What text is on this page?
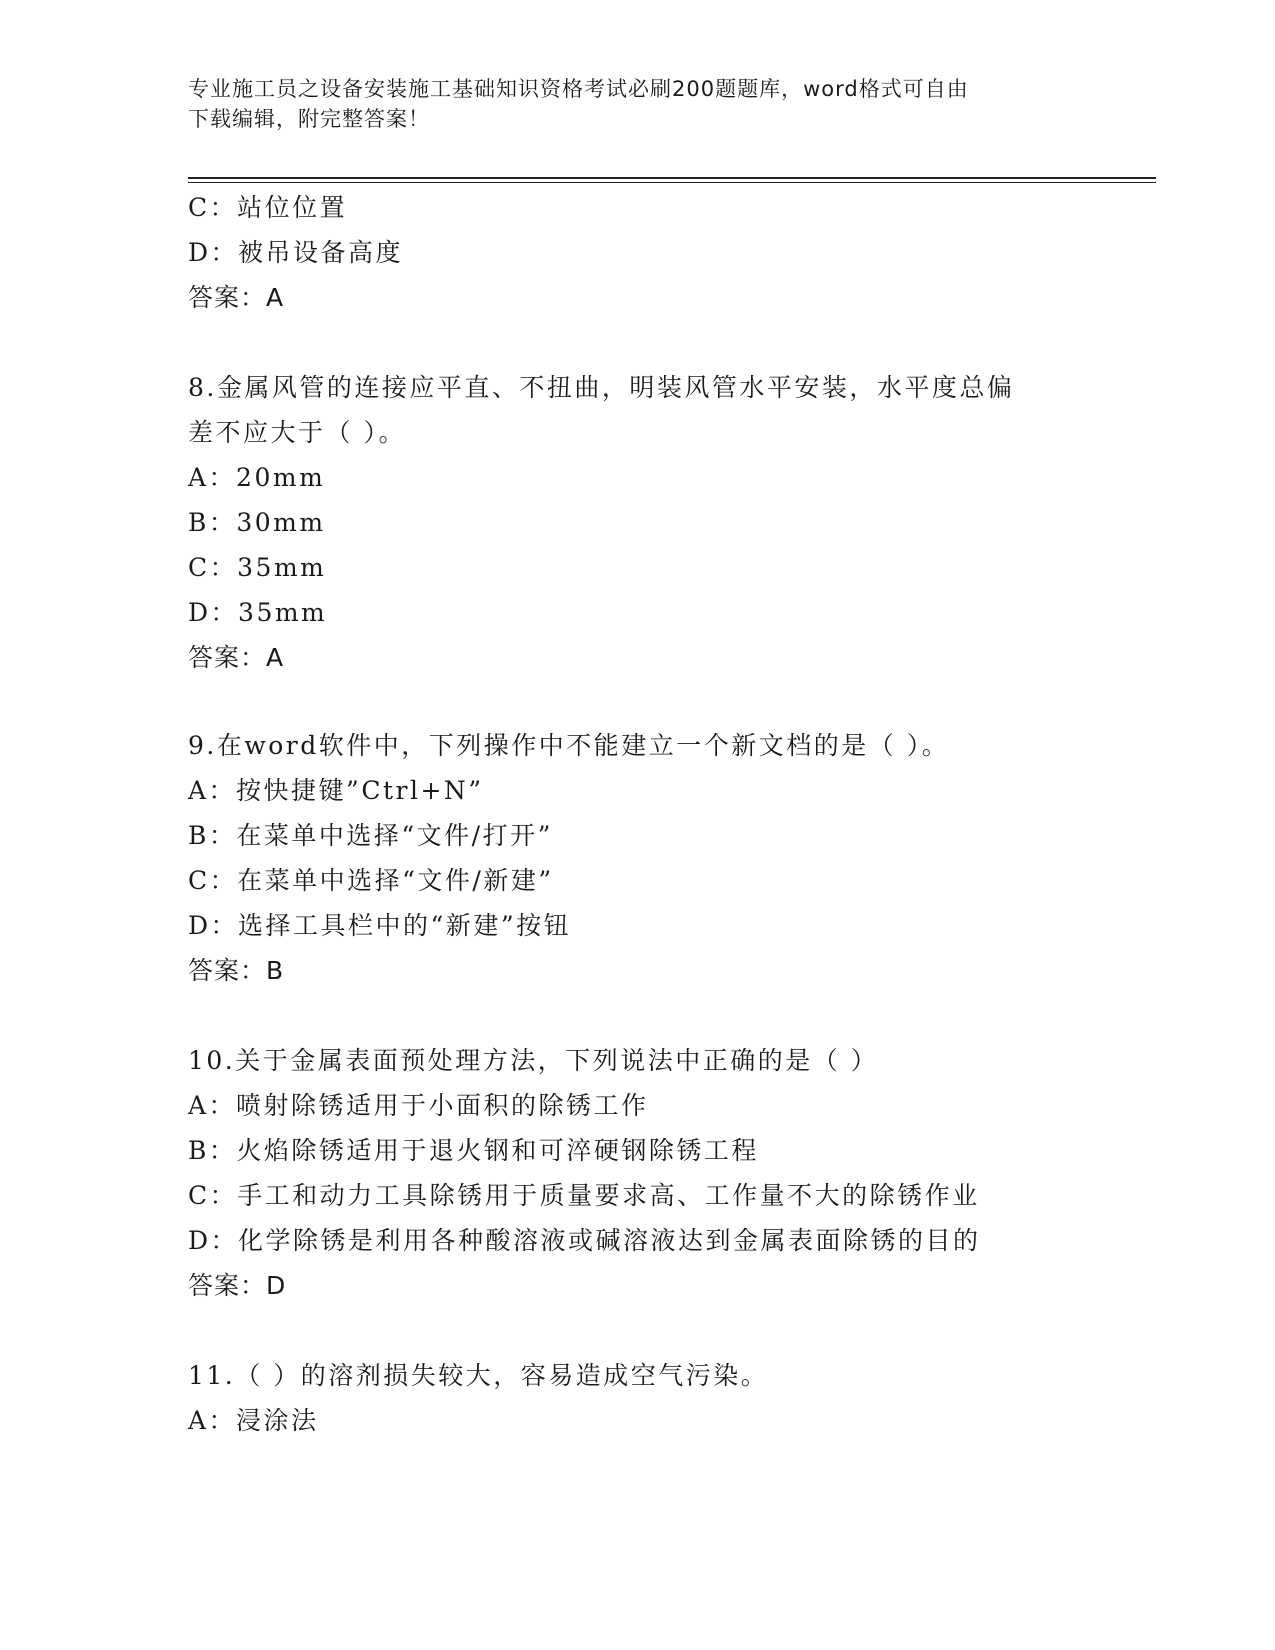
专业施工员之设备安装施工基础知识资格考试必刷200题题库，word格式可自由
下载编辑，附完整答案！
C：站位位置
D：被吊设备高度
答案：A
8.金属风管的连接应平直、不扭曲，明装风管水平安装，水平度总偏
差不应大于（ ）。
A：20mm
B：30mm
C：35mm
D：35mm
答案：A
9.在word软件中，下列操作中不能建立一个新文档的是（ ）。
A：按快捷键”Ctrl+N”
B：在菜单中选择“文件/打开”
C：在菜单中选择“文件/新建”
D：选择工具栏中的“新建”按钮
答案：B
10.关于金属表面预处理方法，下列说法中正确的是（ ）
A：喷射除锈适用于小面积的除锈工作
B：火焰除锈适用于退火钢和可淬硬钢除锈工程
C：手工和动力工具除锈用于质量要求高、工作量不大的除锈作业
D：化学除锈是利用各种酸溶液或碱溶液达到金属表面除锈的目的
答案：D
11.（ ）的溶剂损失较大，容易造成空气污染。
A：浸涂法
